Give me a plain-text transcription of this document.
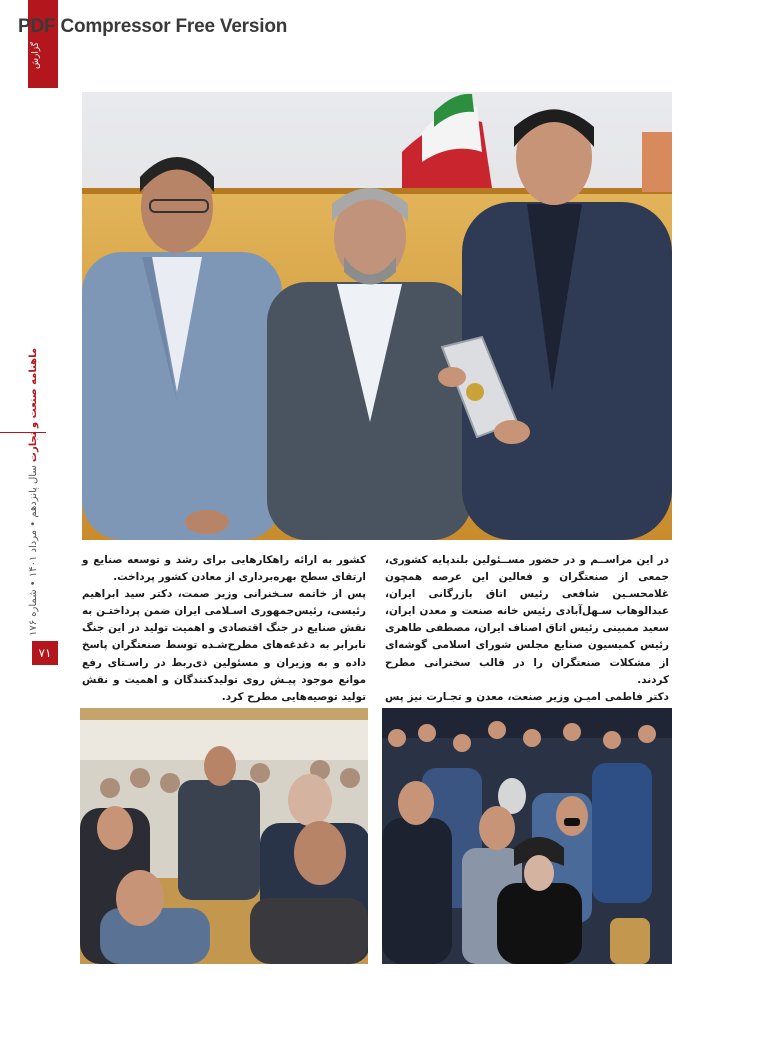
گزارش
PDF Compressor Free Version
ماهنامه صنعت و تجارت سال پانزدهم • مرداد ۱۴۰۱ • شماره ۱۷۶
۷۱

در این مراســم و در حضور مســئولین بلندپایه کشوری، جمعی از صنعتگران و فعالین این عرصه همچون غلامحسـین شافعی رئیس اتاق بازرگانی ایران، عبدالوهاب سـهل‌آبادی رئیس خانه صنعت و معدن ایران، سعید ممبینی رئیس اتاق اصناف ایران، مصطفی طاهری رئیس کمیسیون صنایع مجلس شورای اسلامی گوشه‌ای از مشکلات صنعتگران را در قالب سخنرانی مطرح کردند.

دکتر فاطمی امیـن وزیر صنعت، معدن و تجـارت نیز پس

کشور به ارائه راهکارهایی برای رشد و توسعه صنایع و ارتقای سطح بهره‌برداری از معادن کشور پرداخت.

پس از خاتمه سـخنرانی وزیر صمت، دکتر سید ابراهیم رئیسی، رئیس‌جمهوری اسـلامی ایران ضمن پرداختـن به نقش صنایع در جنگ اقتصادی و اهمیت تولید در این جنگ نابرابر به دغدغه‌های مطرح‌شـده توسط صنعتگران پاسخ داده و به وزیران و مسئولین ذی‌ربط در راسـتای رفع موانع موجود پیـش روی تولیدکنندگان و اهمیت و نقش تولید توصیه‌هایی مطرح کرد.
